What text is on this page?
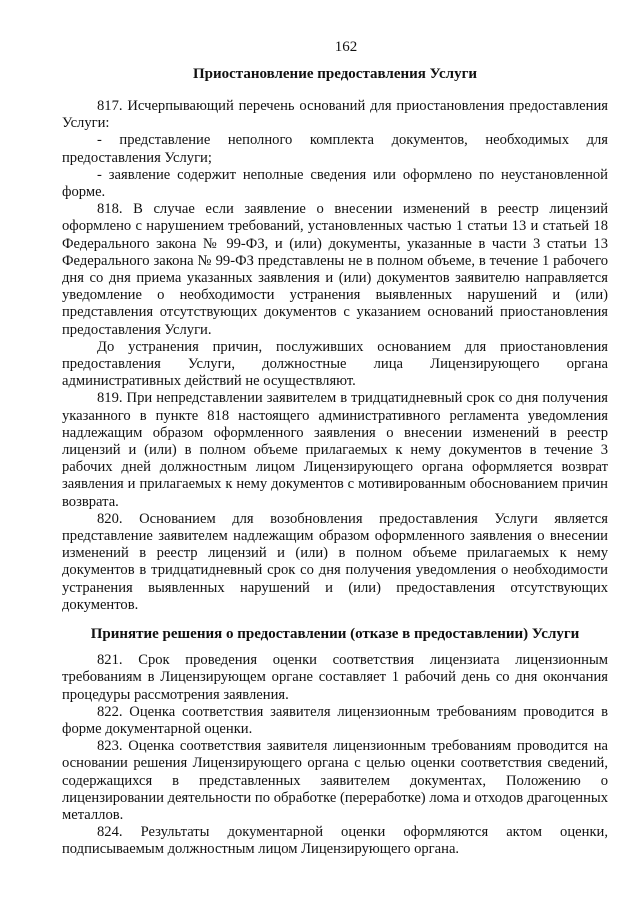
162
Приостановление предоставления Услуги

817. Исчерпывающий перечень оснований для приостановления предоставления Услуги:

- представление неполного комплекта документов, необходимых для предоставления Услуги;

- заявление содержит неполные сведения или оформлено по неустановленной форме.

818. В случае если заявление о внесении изменений в реестр лицензий оформлено с нарушением требований, установленных частью 1 статьи 13 и статьей 18 Федерального закона № 99-ФЗ, и (или) документы, указанные в части 3 статьи 13 Федерального закона № 99-ФЗ представлены не в полном объеме, в течение 1 рабочего дня со дня приема указанных заявления и (или) документов заявителю направляется уведомление о необходимости устранения выявленных нарушений и (или) представления отсутствующих документов с указанием оснований приостановления предоставления Услуги.

До устранения причин, послуживших основанием для приостановления предоставления Услуги, должностные лица Лицензирующего органа административных действий не осуществляют.

819. При непредставлении заявителем в тридцатидневный срок со дня получения указанного в пункте 818 настоящего административного регламента уведомления надлежащим образом оформленного заявления о внесении изменений в реестр лицензий и (или) в полном объеме прилагаемых к нему документов в течение 3 рабочих дней должностным лицом Лицензирующего органа оформляется возврат заявления и прилагаемых к нему документов с мотивированным обоснованием причин возврата.

820. Основанием для возобновления предоставления Услуги является представление заявителем надлежащим образом оформленного заявления о внесении изменений в реестр лицензий и (или) в полном объеме прилагаемых к нему документов в тридцатидневный срок со дня получения уведомления о необходимости устранения выявленных нарушений и (или) предоставления отсутствующих документов.

Принятие решения о предоставлении (отказе в предоставлении) Услуги

821. Срок проведения оценки соответствия лицензиата лицензионным требованиям в Лицензирующем органе составляет 1 рабочий день со дня окончания процедуры рассмотрения заявления.

822. Оценка соответствия заявителя лицензионным требованиям проводится в форме документарной оценки.

823. Оценка соответствия заявителя лицензионным требованиям проводится на основании решения Лицензирующего органа с целью оценки соответствия сведений, содержащихся в представленных заявителем документах, Положению о лицензировании деятельности по обработке (переработке) лома и отходов драгоценных металлов.

824. Результаты документарной оценки оформляются актом оценки, подписываемым должностным лицом Лицензирующего органа.
